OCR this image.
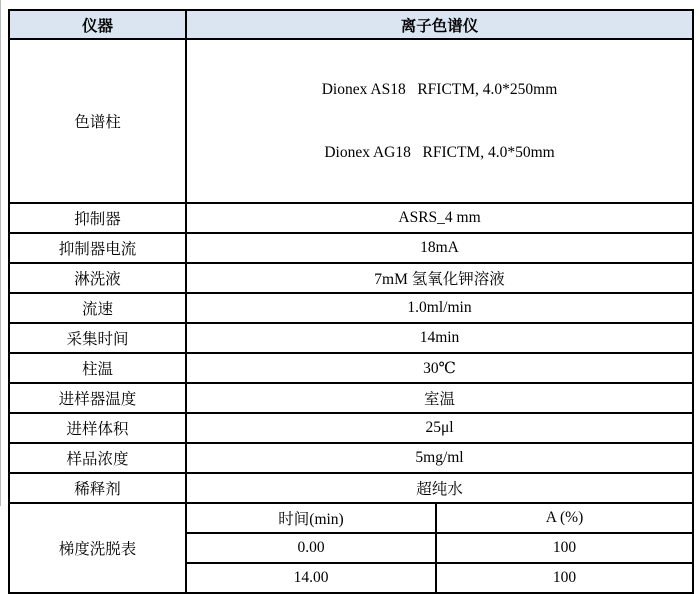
仪器	离子色谱仪	
色谱柱	Dionex AS18   RFICTM, 4.0*250mm

Dionex AG18   RFICTM, 4.0*50mm	

抑制器	ASRS_4 mm	
抑制器电流	18mA	
淋洗液	7mM 氢氧化钾溶液	
流速	1.0ml/min	
采集时间	14min	
柱温	30℃	
进样器温度	室温	
进样体积	25μl	
样品浓度	5mg/ml	
稀释剂	超纯水	
梯度洗脱表	时间(min)	A (%)
	0.00	100
	14.00	100
